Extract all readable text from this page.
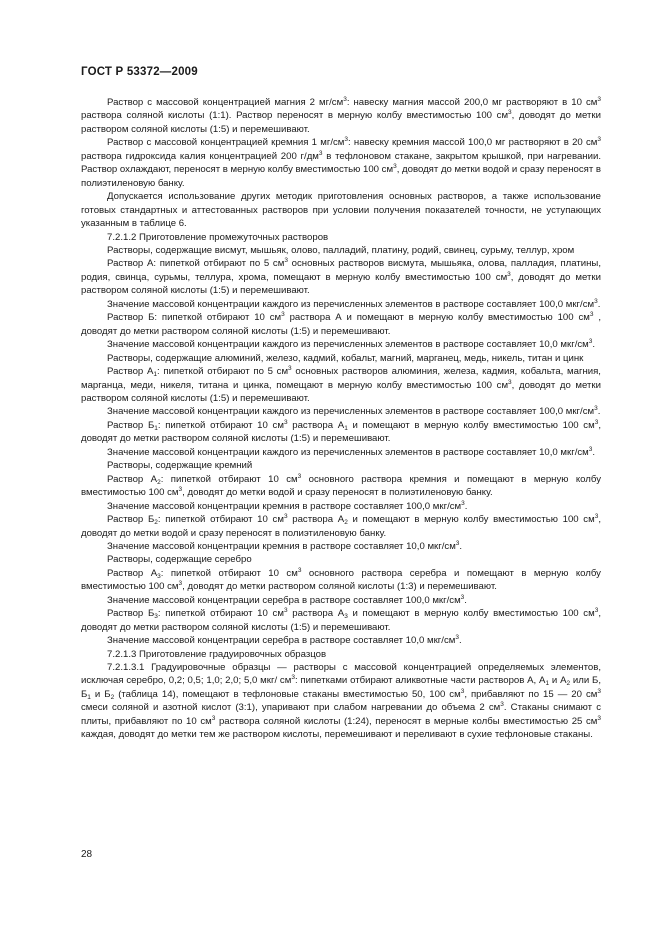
ГОСТ Р 53372—2009

Раствор с массовой концентрацией магния 2 $мг/см^3$: навеску магния массой 200,0 мг растворяют в 10 $см^3$ раствора соляной кислоты (1:1). Раствор переносят в мерную колбу вместимостью 100 $см^3$, доводят до метки раствором соляной кислоты (1:5) и перемешивают.

Раствор с массовой концентрацией кремния 1 $мг/см^3$: навеску кремния массой 100,0 мг растворяют в 20 $см^3$ раствора гидроксида калия концентрацией 200 $г/дм^3$ в тефлоновом стакане, закрытом крышкой, при нагревании. Раствор охлаждают, переносят в мерную колбу вместимостью 100 $см^3$, доводят до метки водой и сразу переносят в полиэтиленовую банку.

Допускается использование других методик приготовления основных растворов, а также использование готовых стандартных и аттестованных растворов при условии получения показателей точности, не уступающих указанным в таблице 6.

7.2.1.2 Приготовление промежуточных растворов

Растворы, содержащие висмут, мышьяк, олово, палладий, платину, родий, свинец, сурьму, теллур, хром

Раствор А: пипеткой отбирают по 5 $см^3$ основных растворов висмута, мышьяка, олова, палладия, платины, родия, свинца, сурьмы, теллура, хрома, помещают в мерную колбу вместимостью 100 $см^3$, доводят до метки раствором соляной кислоты (1:5) и перемешивают.

Значение массовой концентрации каждого из перечисленных элементов в растворе составляет 100,0 мкг/$см^3$.

Раствор Б: пипеткой отбирают 10 $см^3$ раствора А и помещают в мерную колбу вместимостью 100 $см^3$ , доводят до метки раствором соляной кислоты (1:5) и перемешивают.

Значение массовой концентрации каждого из перечисленных элементов в растворе составляет 10,0 мкг/$см^3$.

Растворы, содержащие алюминий, железо, кадмий, кобальт, магний, марганец, медь, никель, титан и цинк

Раствор $А_1$: пипеткой отбирают по 5 $см^3$ основных растворов алюминия, железа, кадмия, кобальта, магния, марганца, меди, никеля, титана и цинка, помещают в мерную колбу вместимостью 100 $см^3$, доводят до метки раствором соляной кислоты (1:5) и перемешивают.

Значение массовой концентрации каждого из перечисленных элементов в растворе составляет 100,0 мкг/$см^3$.

Раствор $Б_1$: пипеткой отбирают 10 $см^3$ раствора $А_1$ и помещают в мерную колбу вместимостью 100 $см^3$, доводят до метки раствором соляной кислоты (1:5) и перемешивают.

Значение массовой концентрации каждого из перечисленных элементов в растворе составляет 10,0 мкг/$см^3$.

Растворы, содержащие кремний

Раствор $А_2$: пипеткой отбирают 10 $см^3$ основного раствора кремния и помещают в мерную колбу вместимостью 100 $см^3$, доводят до метки водой и сразу переносят в полиэтиленовую банку.

Значение массовой концентрации кремния в растворе составляет 100,0 мкг/$см^3$.

Раствор $Б_2$: пипеткой отбирают 10 $см^3$ раствора $А_2$ и помещают в мерную колбу вместимостью 100 $см^3$, доводят до метки водой и сразу переносят в полиэтиленовую банку.

Значение массовой концентрации кремния в растворе составляет 10,0 мкг/$см^3$.

Растворы, содержащие серебро

Раствор $А_3$: пипеткой отбирают 10 $см^3$ основного раствора серебра и помещают в мерную колбу вместимостью 100 $см^3$, доводят до метки раствором соляной кислоты (1:3) и перемешивают.

Значение массовой концентрации серебра в растворе составляет 100,0 мкг/$см^3$.

Раствор $Б_3$: пипеткой отбирают 10 $см^3$ раствора $А_3$ и помещают в мерную колбу вместимостью 100 $см^3$, доводят до метки раствором соляной кислоты (1:5) и перемешивают.

Значение массовой концентрации серебра в растворе составляет 10,0 мкг/$см^3$.

7.2.1.3 Приготовление градуировочных образцов

7.2.1.3.1 Градуировочные образцы — растворы с массовой концентрацией определяемых элементов, исключая серебро, 0,2; 0,5; 1,0; 2,0; 5,0 мкг/ $см^3$: пипетками отбирают аликвотные части растворов А, $А_1$ и $А_2$ или Б, $Б_1$ и $Б_2$ (таблица 14), помещают в тефлоновые стаканы вместимостью 50, 100 $см^3$, прибавляют по 15 — 20 $см^3$ смеси соляной и азотной кислот (3:1), упаривают при слабом нагревании до объема 2 $см^3$. Стаканы снимают с плиты, прибавляют по 10 $см^3$ раствора соляной кислоты (1:24), переносят в мерные колбы вместимостью 25 $см^3$ каждая, доводят до метки тем же раствором кислоты, перемешивают и переливают в сухие тефлоновые стаканы.

28
